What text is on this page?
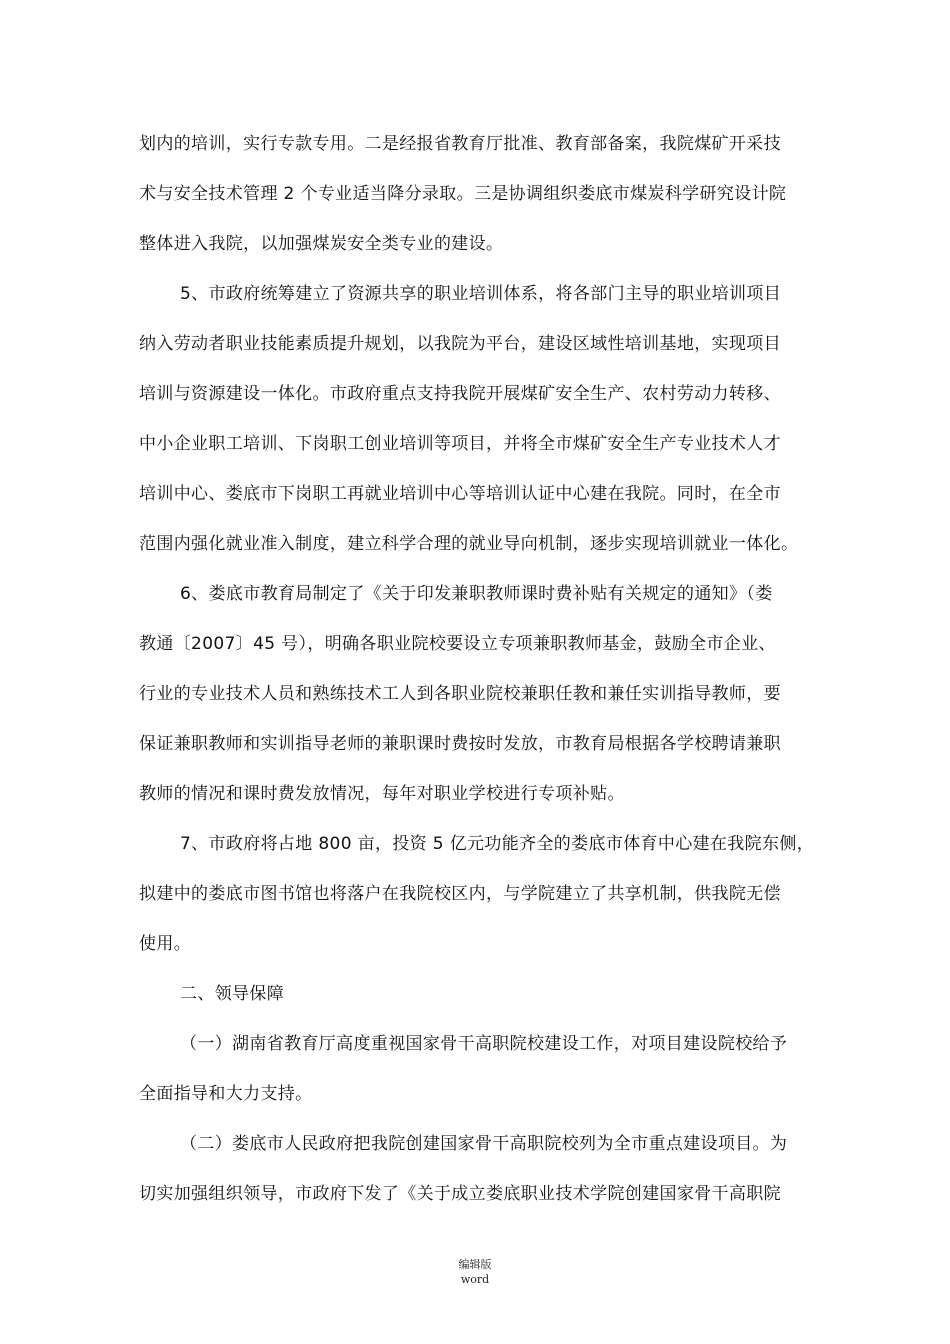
划内的培训，实行专款专用。二是经报省教育厅批准、教育部备案，我院煤矿开采技
术与安全技术管理 2 个专业适当降分录取。三是协调组织娄底市煤炭科学研究设计院
整体进入我院，以加强煤炭安全类专业的建设。
5、市政府统筹建立了资源共享的职业培训体系，将各部门主导的职业培训项目
纳入劳动者职业技能素质提升规划，以我院为平台，建设区域性培训基地，实现项目
培训与资源建设一体化。市政府重点支持我院开展煤矿安全生产、农村劳动力转移、
中小企业职工培训、下岗职工创业培训等项目，并将全市煤矿安全生产专业技术人才
培训中心、娄底市下岗职工再就业培训中心等培训认证中心建在我院。同时，在全市
范围内强化就业准入制度，建立科学合理的就业导向机制，逐步实现培训就业一体化。
6、娄底市教育局制定了《关于印发兼职教师课时费补贴有关规定的通知》（娄
教通〔2007〕45 号），明确各职业院校要设立专项兼职教师基金，鼓励全市企业、
行业的专业技术人员和熟练技术工人到各职业院校兼职任教和兼任实训指导教师，要
保证兼职教师和实训指导老师的兼职课时费按时发放，市教育局根据各学校聘请兼职
教师的情况和课时费发放情况，每年对职业学校进行专项补贴。
7、市政府将占地 800 亩，投资 5 亿元功能齐全的娄底市体育中心建在我院东侧，
拟建中的娄底市图书馆也将落户在我院校区内，与学院建立了共享机制，供我院无偿
使用。
二、领导保障
（一）湖南省教育厅高度重视国家骨干高职院校建设工作，对项目建设院校给予
全面指导和大力支持。
（二）娄底市人民政府把我院创建国家骨干高职院校列为全市重点建设项目。为
切实加强组织领导，市政府下发了《关于成立娄底职业技术学院创建国家骨干高职院
编辑版
word
